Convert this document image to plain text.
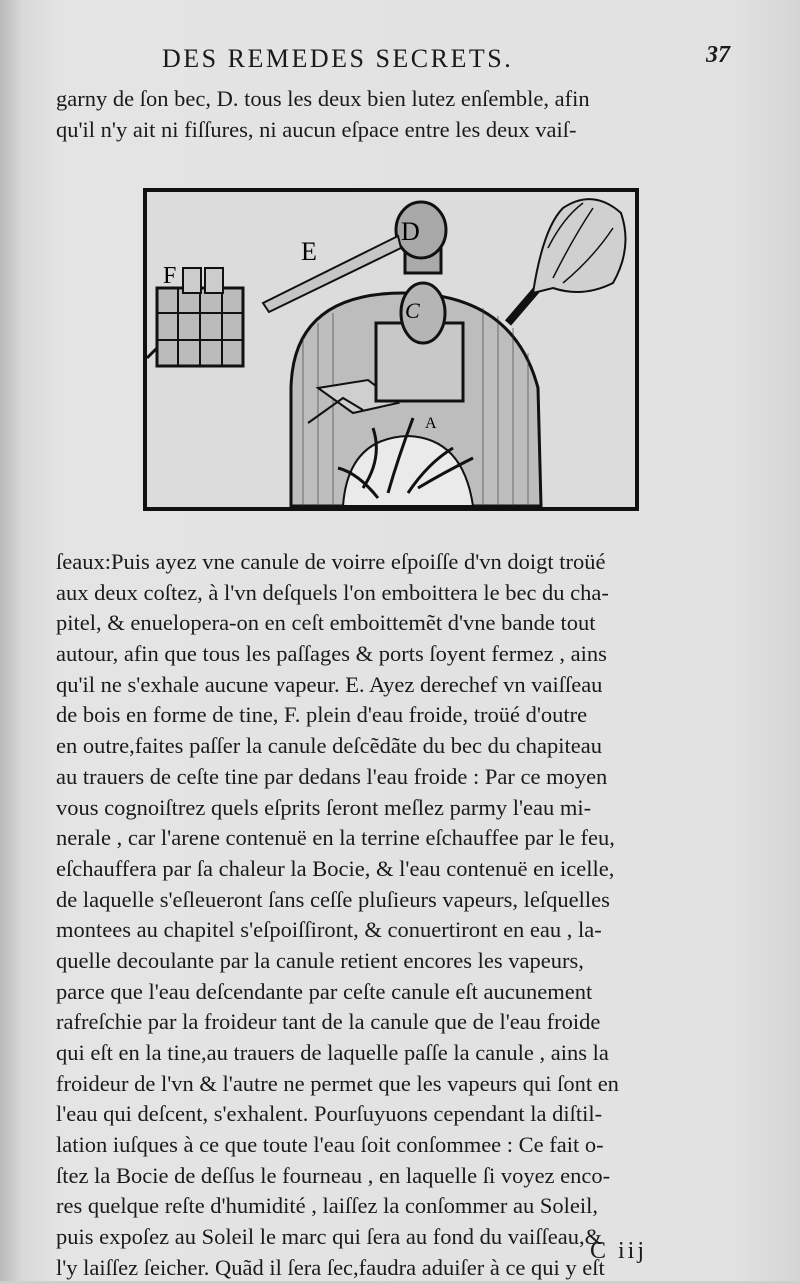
DES REMEDES SECRETS.	37
garny de ſon bec, D. tous les deux bien lutez enſemble, afin
qu'il n'y ait ni fiſſures, ni aucun eſpace entre les deux vaiſ-
E
D
F
C
A
ſeaux:Puis ayez vne canule de voirre eſpoiſſe d'vn doigt troüé
aux deux coſtez, à l'vn deſquels l'on emboittera le bec du cha-
pitel, & enuelopera-on en ceſt emboittemẽt d'vne bande tout
autour, afin que tous les paſſages & ports ſoyent fermez , ains
qu'il ne s'exhale aucune vapeur. E. Ayez derechef vn vaiſſeau
de bois en forme de tine, F. plein d'eau froide, troüé d'outre
en outre,faites paſſer la canule deſcẽdãte du bec du chapiteau
au trauers de ceſte tine par dedans l'eau froide : Par ce moyen
vous cognoiſtrez quels eſprits ſeront meſlez parmy l'eau mi-
nerale , car l'arene contenuë en la terrine eſchauffee par le feu,
eſchauffera par ſa chaleur la Bocie, & l'eau contenuë en icelle,
de laquelle s'eſleueront ſans ceſſe pluſieurs vapeurs, leſquelles
montees au chapitel s'eſpoiſſiront, & conuertiront en eau , la-
quelle decoulante par la canule retient encores les vapeurs,
parce que l'eau deſcendante par ceſte canule eſt aucunement
rafreſchie par la froideur tant de la canule que de l'eau froide
qui eſt en la tine,au trauers de laquelle paſſe la canule , ains la
froideur de l'vn & l'autre ne permet que les vapeurs qui ſont en
l'eau qui deſcent, s'exhalent. Pourſuyuons cependant la diſtil-
lation iuſques à ce que toute l'eau ſoit conſommee : Ce fait o-
ſtez la Bocie de deſſus le fourneau , en laquelle ſi voyez enco-
res quelque reſte d'humidité , laiſſez la conſommer au Soleil,
puis expoſez au Soleil le marc qui ſera au fond du vaiſſeau,&
l'y laiſſez ſeicher. Quãd il ſera ſec,faudra aduiſer à ce qui y eſt
C iij
